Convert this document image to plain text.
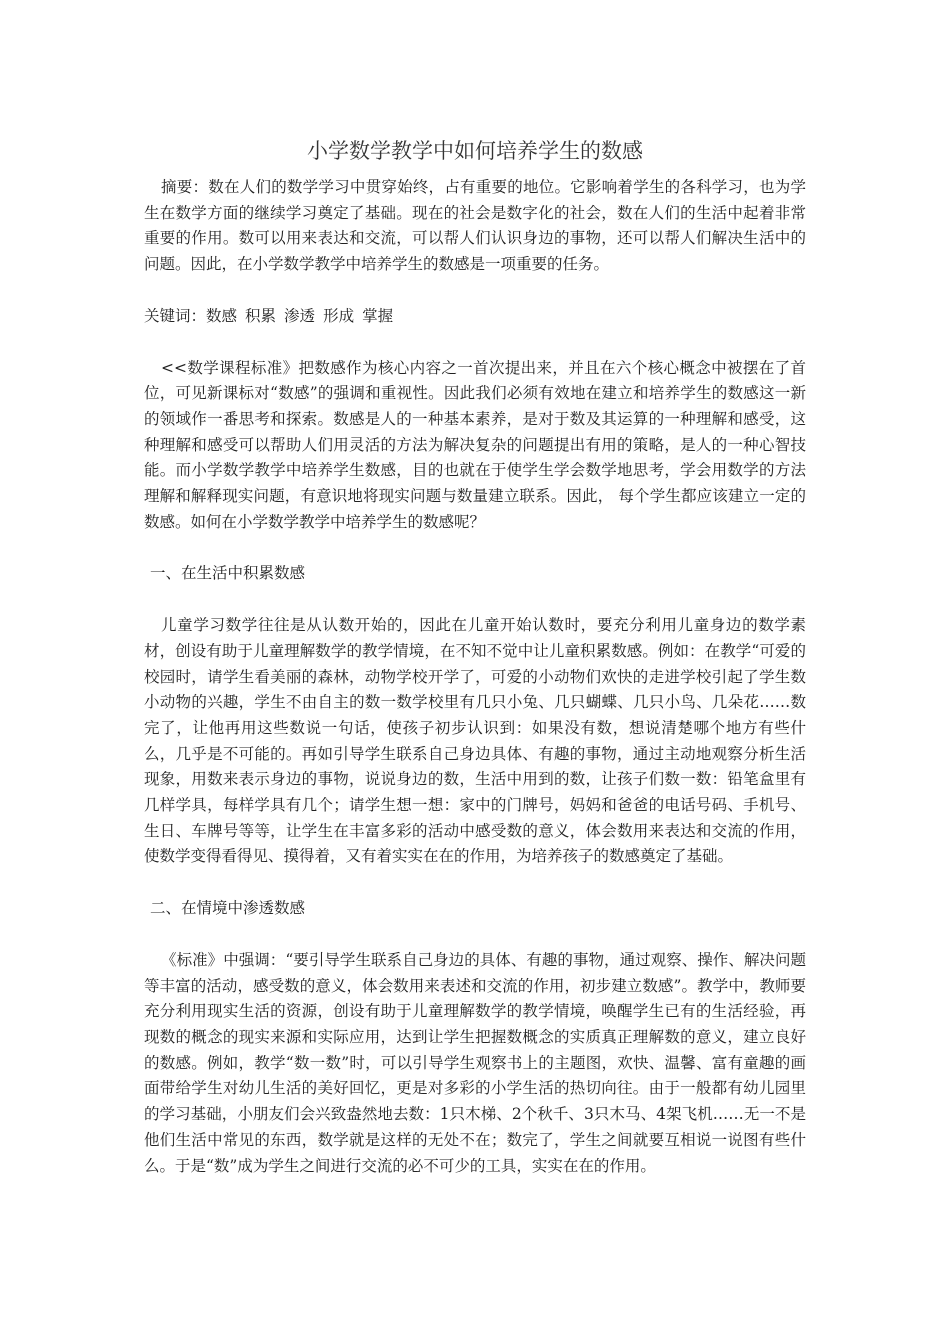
小学数学教学中如何培养学生的数感

摘要：数在人们的数学学习中贯穿始终，占有重要的地位。它影响着学生的各科学习，也为学生在数学方面的继续学习奠定了基础。现在的社会是数字化的社会，数在人们的生活中起着非常重要的作用。数可以用来表达和交流，可以帮人们认识身边的事物，还可以帮人们解决生活中的问题。因此，在小学数学教学中培养学生的数感是一项重要的任务。

关键词：数感 积累 渗透 形成 掌握

<<数学课程标准》把数感作为核心内容之一首次提出来，并且在六个核心概念中被摆在了首位，可见新课标对“数感”的强调和重视性。因此我们必须有效地在建立和培养学生的数感这一新的领域作一番思考和探索。数感是人的一种基本素养，是对于数及其运算的一种理解和感受，这种理解和感受可以帮助人们用灵活的方法为解决复杂的问题提出有用的策略，是人的一种心智技能。而小学数学教学中培养学生数感，目的也就在于使学生学会数学地思考，学会用数学的方法理解和解释现实问题，有意识地将现实问题与数量建立联系。因此， 每个学生都应该建立一定的数感。如何在小学数学教学中培养学生的数感呢？

一、在生活中积累数感

儿童学习数学往往是从认数开始的，因此在儿童开始认数时，要充分利用儿童身边的数学素材，创设有助于儿童理解数学的教学情境，在不知不觉中让儿童积累数感。例如：在教学“可爱的校园时，请学生看美丽的森林，动物学校开学了，可爱的小动物们欢快的走进学校引起了学生数小动物的兴趣，学生不由自主的数一数学校里有几只小兔、几只蝴蝶、几只小鸟、几朵花……数完了，让他再用这些数说一句话，使孩子初步认识到：如果没有数，想说清楚哪个地方有些什么，几乎是不可能的。再如引导学生联系自己身边具体、有趣的事物，通过主动地观察分析生活现象，用数来表示身边的事物，说说身边的数，生活中用到的数，让孩子们数一数：铅笔盒里有几样学具，每样学具有几个；请学生想一想：家中的门牌号，妈妈和爸爸的电话号码、手机号、生日、车牌号等等，让学生在丰富多彩的活动中感受数的意义，体会数用来表达和交流的作用，使数学变得看得见、摸得着，又有着实实在在的作用，为培养孩子的数感奠定了基础。

二、在情境中渗透数感

《标准》中强调：“要引导学生联系自己身边的具体、有趣的事物，通过观察、操作、解决问题等丰富的活动，感受数的意义，体会数用来表述和交流的作用，初步建立数感”。教学中，教师要充分利用现实生活的资源，创设有助于儿童理解数学的教学情境，唤醒学生已有的生活经验，再现数的概念的现实来源和实际应用，达到让学生把握数概念的实质真正理解数的意义，建立良好的数感。例如，教学“数一数”时，可以引导学生观察书上的主题图，欢快、温馨、富有童趣的画面带给学生对幼儿生活的美好回忆，更是对多彩的小学生活的热切向往。由于一般都有幼儿园里的学习基础，小朋友们会兴致盎然地去数：1只木梯、2个秋千、3只木马、4架飞机……无一不是他们生活中常见的东西，数学就是这样的无处不在；数完了，学生之间就要互相说一说图有些什么。于是“数”成为学生之间进行交流的必不可少的工具，实实在在的作用。
